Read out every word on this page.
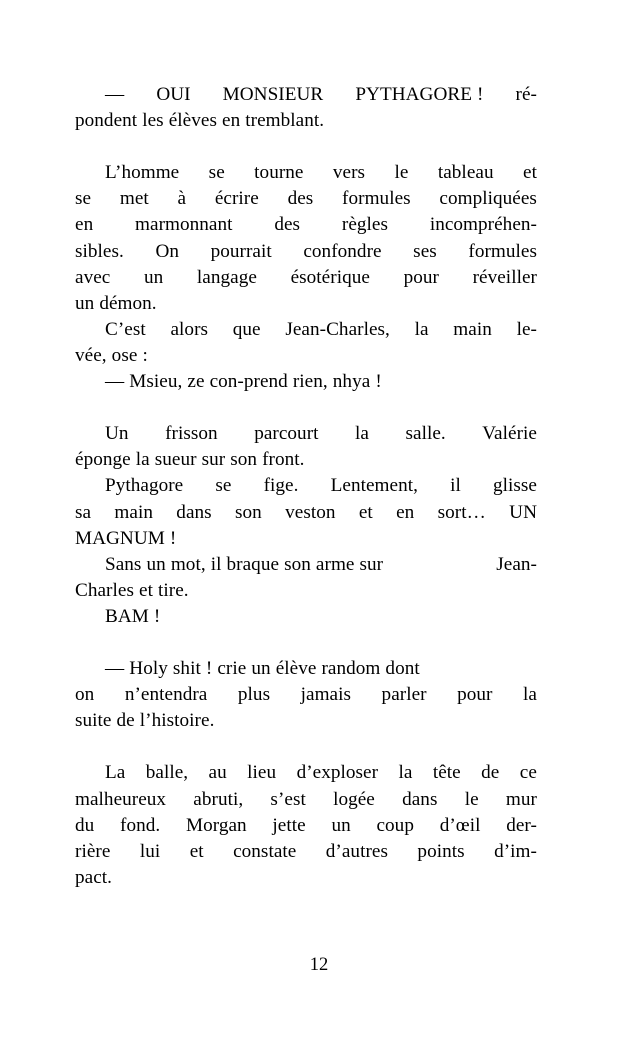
— OUI MONSIEUR PYTHAGORE ! ré-
pondent les élèves en tremblant.

L’homme se tourne vers le tableau et
se met à écrire des formules compliquées
en marmonnant des règles incompréhen-
sibles. On pourrait confondre ses formules
avec un langage ésotérique pour réveiller
un démon.

C’est alors que Jean-Charles, la main le-
vée, ose :

— Msieu, ze con-prend rien, nhya !

Un frisson parcourt la salle. Valérie
éponge la sueur sur son front.

Pythagore se fige. Lentement, il glisse
sa main dans son veston et en sort… UN
MAGNUM !

Sans un mot, il braque son arme sur	Jean-
Charles et tire.

BAM !

— Holy shit ! crie un élève random dont
on n’entendra plus jamais parler pour la
suite de l’histoire.

La balle, au lieu d’exploser la tête de ce
malheureux abruti, s’est logée dans le mur
du fond. Morgan jette un coup d’œil der-
rière lui et constate d’autres points d’im-
pact.

12
